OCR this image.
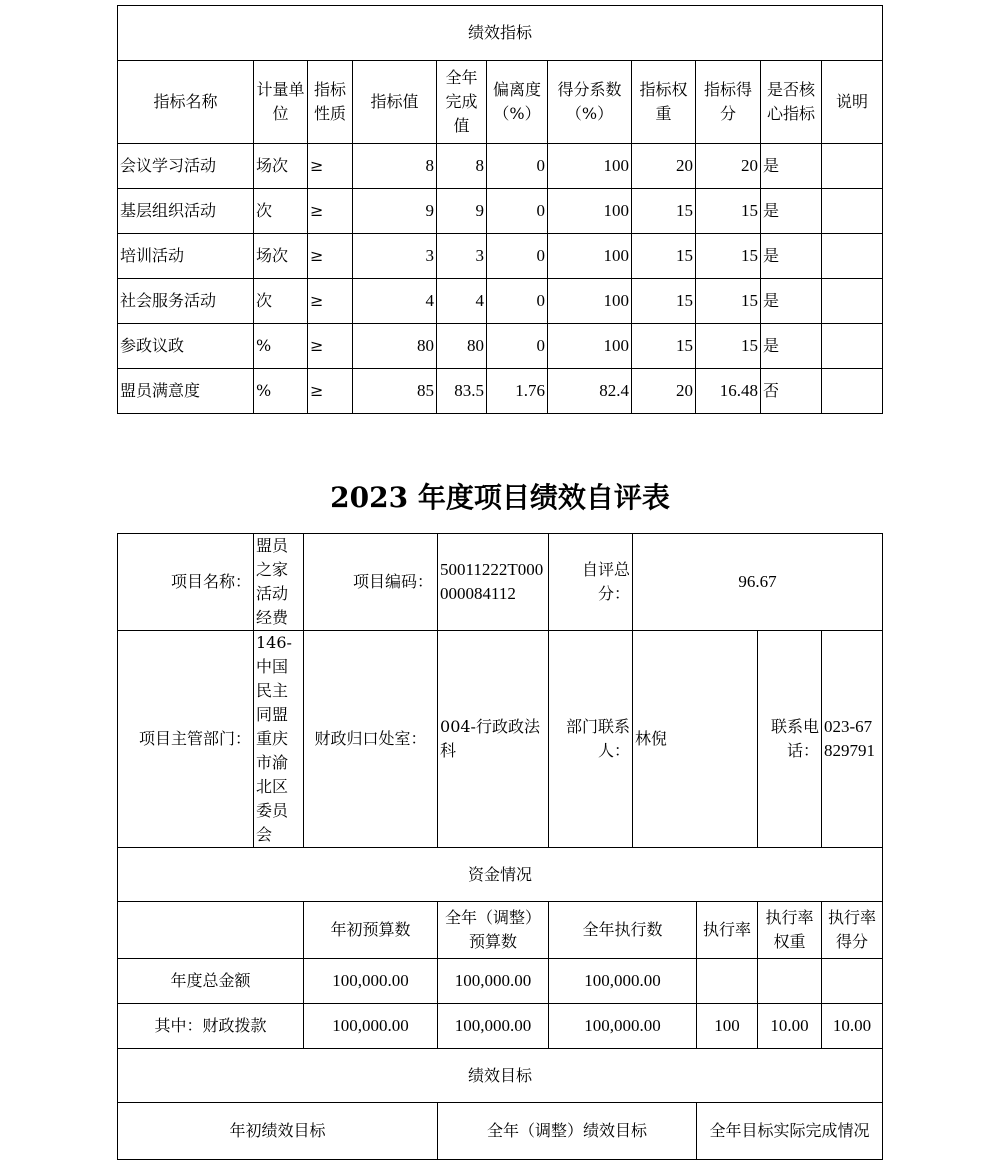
绩效指标										
指标名称	计量单位	指标性质	指标值	全年完成值	偏离度（%）	得分系数（%）	指标权重	指标得分	是否核心指标	说明
会议学习活动	场次	≥	8	8	0	100	20	20	是	
基层组织活动	次	≥	9	9	0	100	15	15	是	
培训活动	场次	≥	3	3	0	100	15	15	是	
社会服务活动	次	≥	4	4	0	100	15	15	是	
参政议政	%	≥	80	80	0	100	15	15	是	
盟员满意度	%	≥	85	83.5	1.76	82.4	20	16.48	否	
2023 年度项目绩效自评表
项目名称：	盟员之家活动经费	项目编码：	50011222T000000084112	自评总分：	96.67			
项目主管部门：	146-中国民主同盟重庆市渝北区委员会	财政归口处室：	004-行政政法科	部门联系人：	林倪		联系电话：	023-67829791
资金情况								
		年初预算数	全年（调整）预算数	全年执行数		执行率	执行率权重	执行率得分
年度总金额		100,000.00	100,000.00	100,000.00				
其中：财政拨款		100,000.00	100,000.00	100,000.00		100	10.00	10.00
绩效目标								
年初绩效目标			全年（调整）绩效目标			全年目标实际完成情况		
